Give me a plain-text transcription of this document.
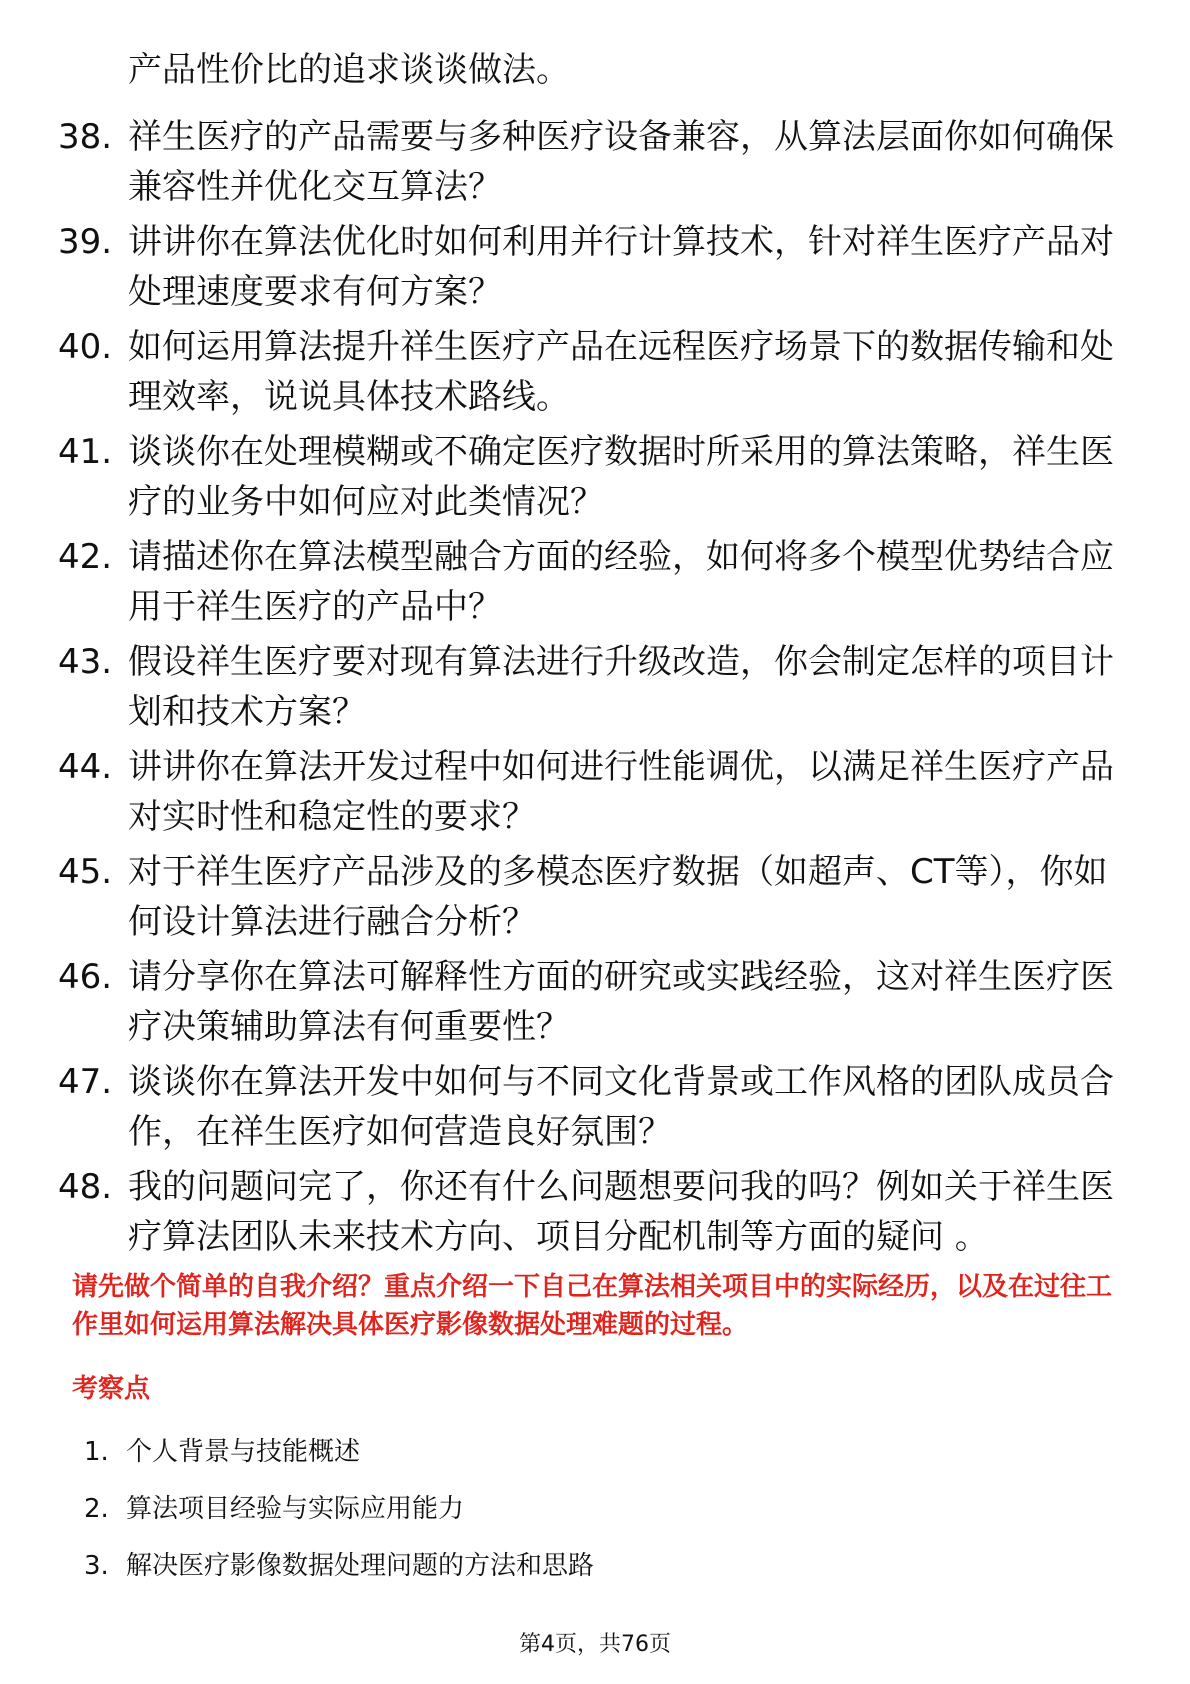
产品性价比的追求谈谈做法。
38. 祥生医疗的产品需要与多种医疗设备兼容，从算法层面你如何确保兼容性并优化交互算法？
39. 讲讲你在算法优化时如何利用并行计算技术，针对祥生医疗产品对处理速度要求有何方案？
40. 如何运用算法提升祥生医疗产品在远程医疗场景下的数据传输和处理效率，说说具体技术路线。
41. 谈谈你在处理模糊或不确定医疗数据时所采用的算法策略，祥生医疗的业务中如何应对此类情况？
42. 请描述你在算法模型融合方面的经验，如何将多个模型优势结合应用于祥生医疗的产品中？
43. 假设祥生医疗要对现有算法进行升级改造，你会制定怎样的项目计划和技术方案？
44. 讲讲你在算法开发过程中如何进行性能调优，以满足祥生医疗产品对实时性和稳定性的要求？
45. 对于祥生医疗产品涉及的多模态医疗数据（如超声、CT等），你如何设计算法进行融合分析？
46. 请分享你在算法可解释性方面的研究或实践经验，这对祥生医疗医疗决策辅助算法有何重要性？
47. 谈谈你在算法开发中如何与不同文化背景或工作风格的团队成员合作，在祥生医疗如何营造良好氛围？
48. 我的问题问完了，你还有什么问题想要问我的吗？例如关于祥生医疗算法团队未来技术方向、项目分配机制等方面的疑问 。
请先做个简单的自我介绍？重点介绍一下自己在算法相关项目中的实际经历，以及在过往工作里如何运用算法解决具体医疗影像数据处理难题的过程。
考察点
1. 个人背景与技能概述
2. 算法项目经验与实际应用能力
3. 解决医疗影像数据处理问题的方法和思路
第4页，共76页
